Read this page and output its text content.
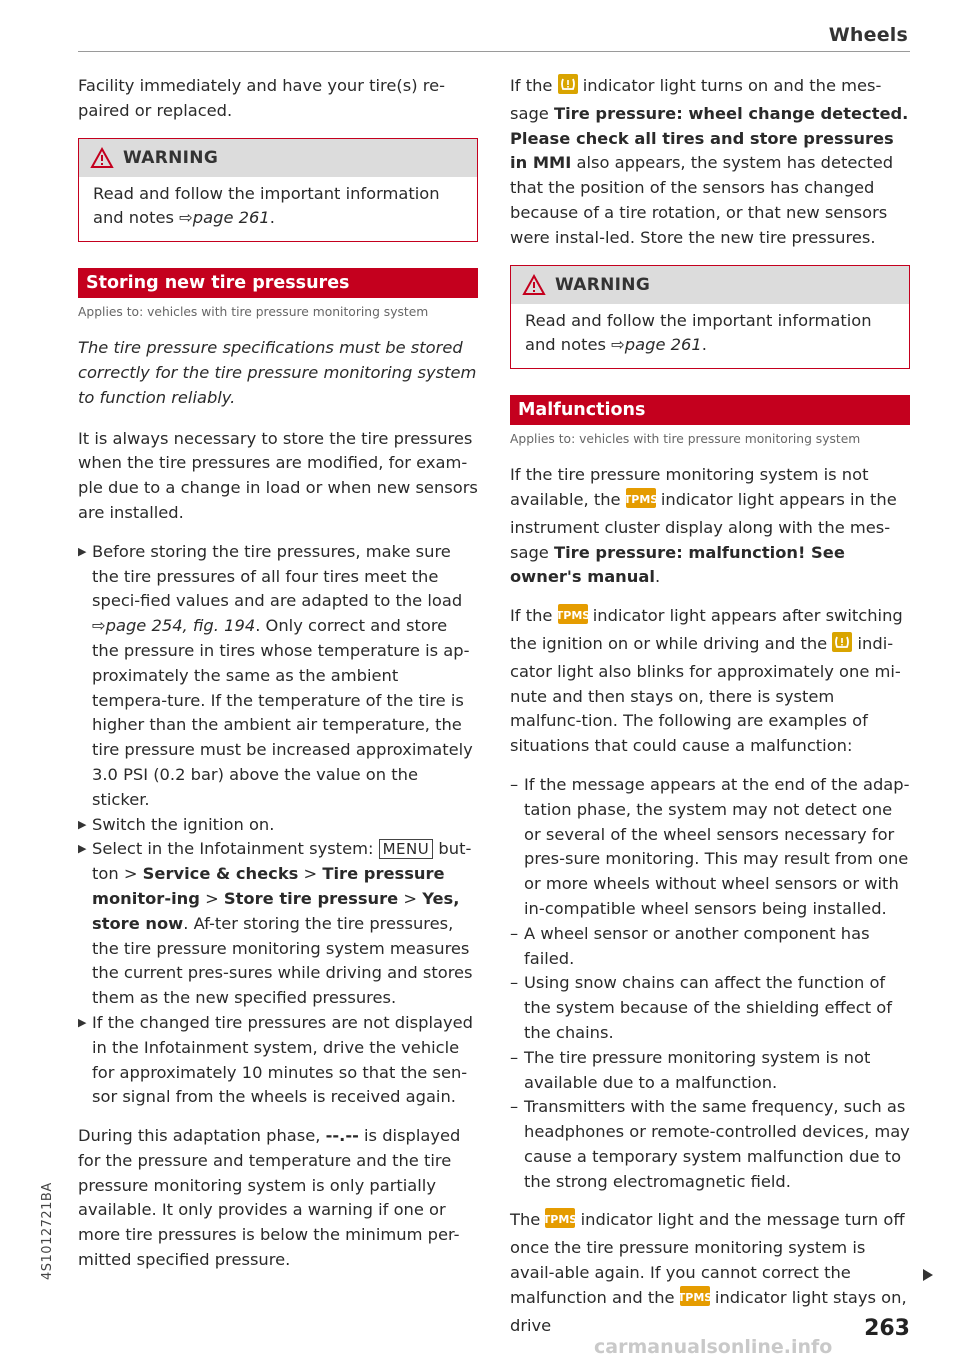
Wheels

Facility immediately and have your tire(s) re-paired or replaced.

WARNING
Read and follow the important information and notes ⇨page 261.
Storing new tire pressures
Applies to: vehicles with tire pressure monitoring system

The tire pressure specifications must be stored correctly for the tire pressure monitoring system to function reliably.

It is always necessary to store the tire pressures when the tire pressures are modified, for exam-ple due to a change in load or when new sensors are installed.

▶ Before storing the tire pressures, make sure the tire pressures of all four tires meet the speci-fied values and are adapted to the load ⇨page 254, fig. 194. Only correct and store the pressure in tires whose temperature is ap-proximately the same as the ambient tempera-ture. If the temperature of the tire is higher than the ambient air temperature, the tire pressure must be increased approximately 3.0 PSI (0.2 bar) above the value on the sticker.
▶ Switch the ignition on.
▶ Select in the Infotainment system: MENU but-ton > Service & checks > Tire pressure monitor-ing > Store tire pressure > Yes, store now. Af-ter storing the tire pressures, the tire pressure monitoring system measures the current pres-sures while driving and stores them as the new specified pressures.
▶ If the changed tire pressures are not displayed in the Infotainment system, drive the vehicle for approximately 10 minutes so that the sen-sor signal from the wheels is received again.

During this adaptation phase, --.-- is displayed for the pressure and temperature and the tire pressure monitoring system is only partially available. It only provides a warning if one or more tire pressures is below the minimum per-mitted specified pressure.

If the  indicator light turns on and the mes-sage Tire pressure: wheel change detected. Please check all tires and store pressures in MMI also appears, the system has detected that the position of the sensors has changed because of a tire rotation, or that new sensors were instal-led. Store the new tire pressures.

WARNING
Read and follow the important information and notes ⇨page 261.
Malfunctions
Applies to: vehicles with tire pressure monitoring system

If the tire pressure monitoring system is not available, the
TPMS
indicator light appears in the instrument cluster display along with the mes-sage Tire pressure: malfunction! See owner's manual.

If the
TPMS
indicator light appears after switching the ignition on or while driving and the  indi-cator light also blinks for approximately one mi-nute and then stays on, there is system malfunc-tion. The following are examples of situations that could cause a malfunction:

– If the message appears at the end of the adap-tation phase, the system may not detect one or several of the wheel sensors necessary for pres-sure monitoring. This may result from one or more wheels without wheel sensors or with in-compatible wheel sensors being installed.
– A wheel sensor or another component has failed.
– Using snow chains can affect the function of the system because of the shielding effect of the chains.
– The tire pressure monitoring system is not available due to a malfunction.
– Transmitters with the same frequency, such as headphones or remote-controlled devices, may cause a temporary system malfunction due to the strong electromagnetic field.

The
TPMS
indicator light and the message turn off once the tire pressure monitoring system is avail-able again. If you cannot correct the malfunction and the
TPMS
indicator light stays on, drive

4S1012721BA
263
carmanualsonline.info
